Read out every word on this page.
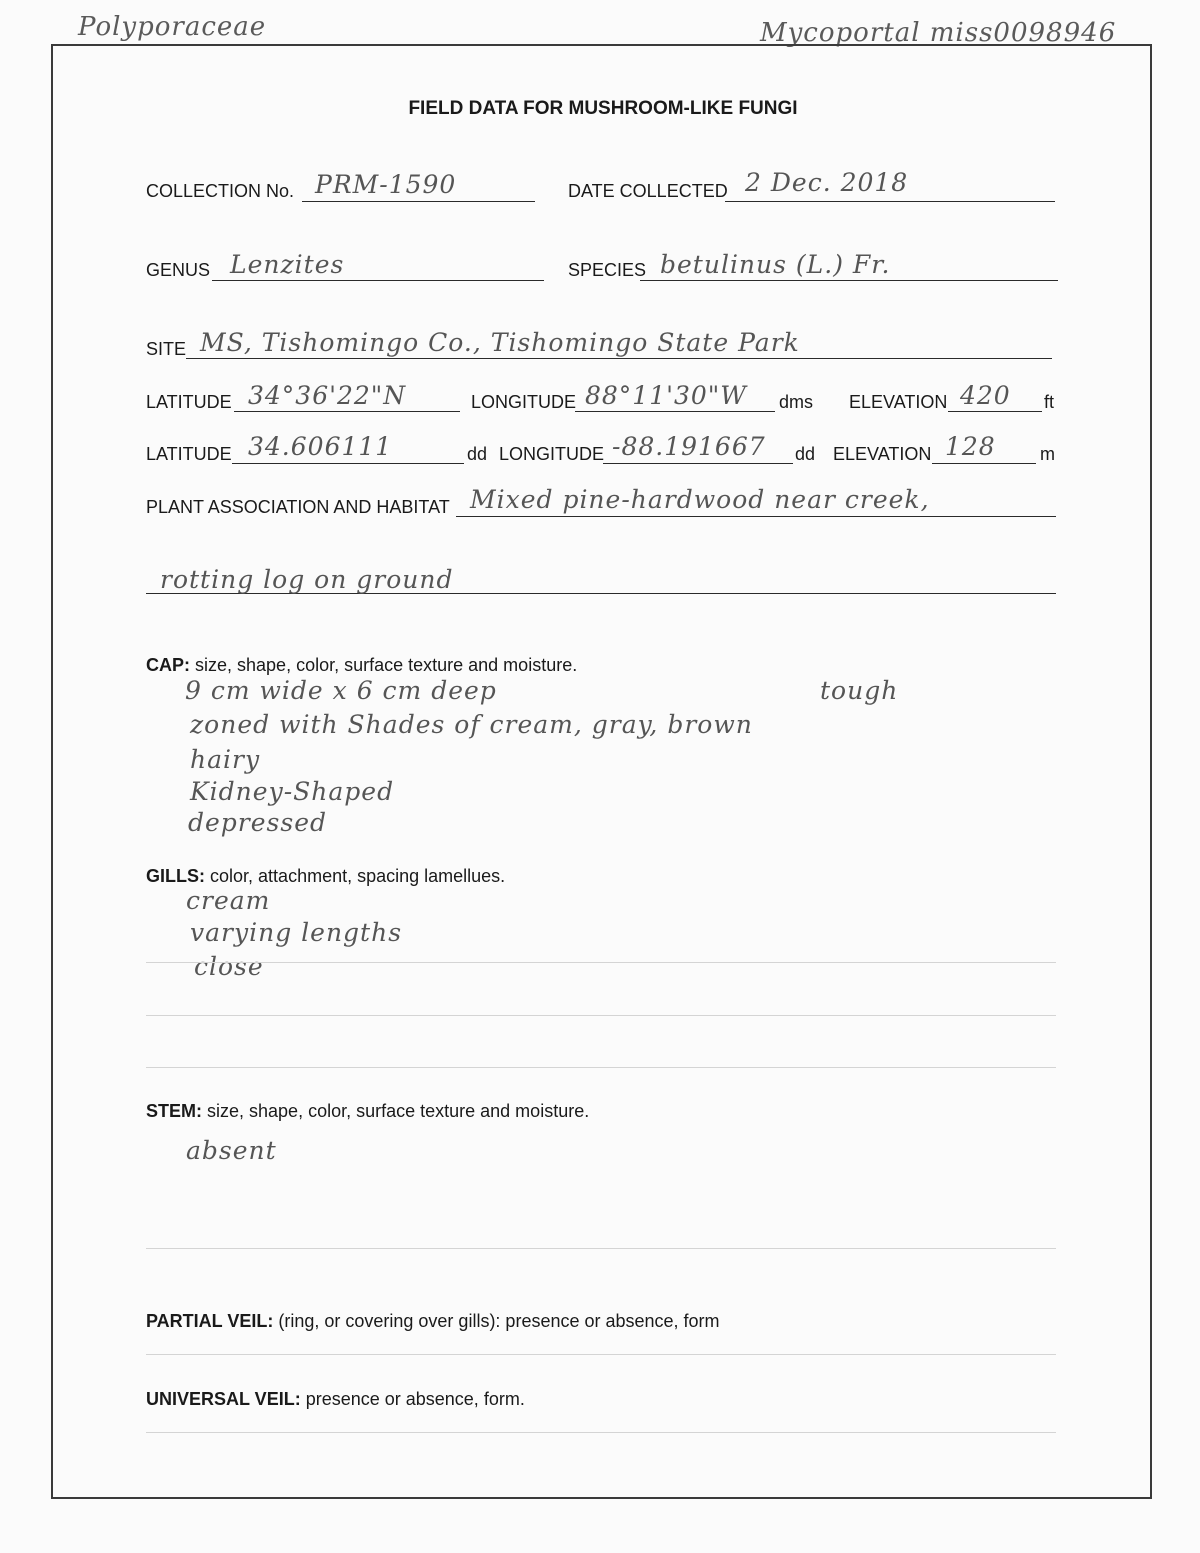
Polyporaceae	Mycoportal miss0098946
FIELD DATA FOR MUSHROOM-LIKE FUNGI
COLLECTION No. PRM-1590	DATE COLLECTED 2 Dec. 2018
GENUS Lenzites	SPECIES betulinus (L.) Fr.
SITE MS, Tishomingo Co., Tishomingo State Park
LATITUDE 34°36'22"N	LONGITUDE 88°11'30"W dms ELEVATION 420 ft
LATITUDE 34.606111	dd LONGITUDE -88.191667 dd ELEVATION 128 m
PLANT ASSOCIATION AND HABITAT Mixed pine-hardwood near creek,
rotting log on ground
CAP: size, shape, color, surface texture and moisture.
9 cm wide x 6 cm deep
zoned with Shades of cream, gray, brown
hairy
Kidney-Shaped
depressed
tough
GILLS: color, attachment, spacing lamellues.
cream
varying lengths
close
STEM: size, shape, color, surface texture and moisture.
absent
PARTIAL VEIL: (ring, or covering over gills): presence or absence, form
UNIVERSAL VEIL: presence or absence, form.
